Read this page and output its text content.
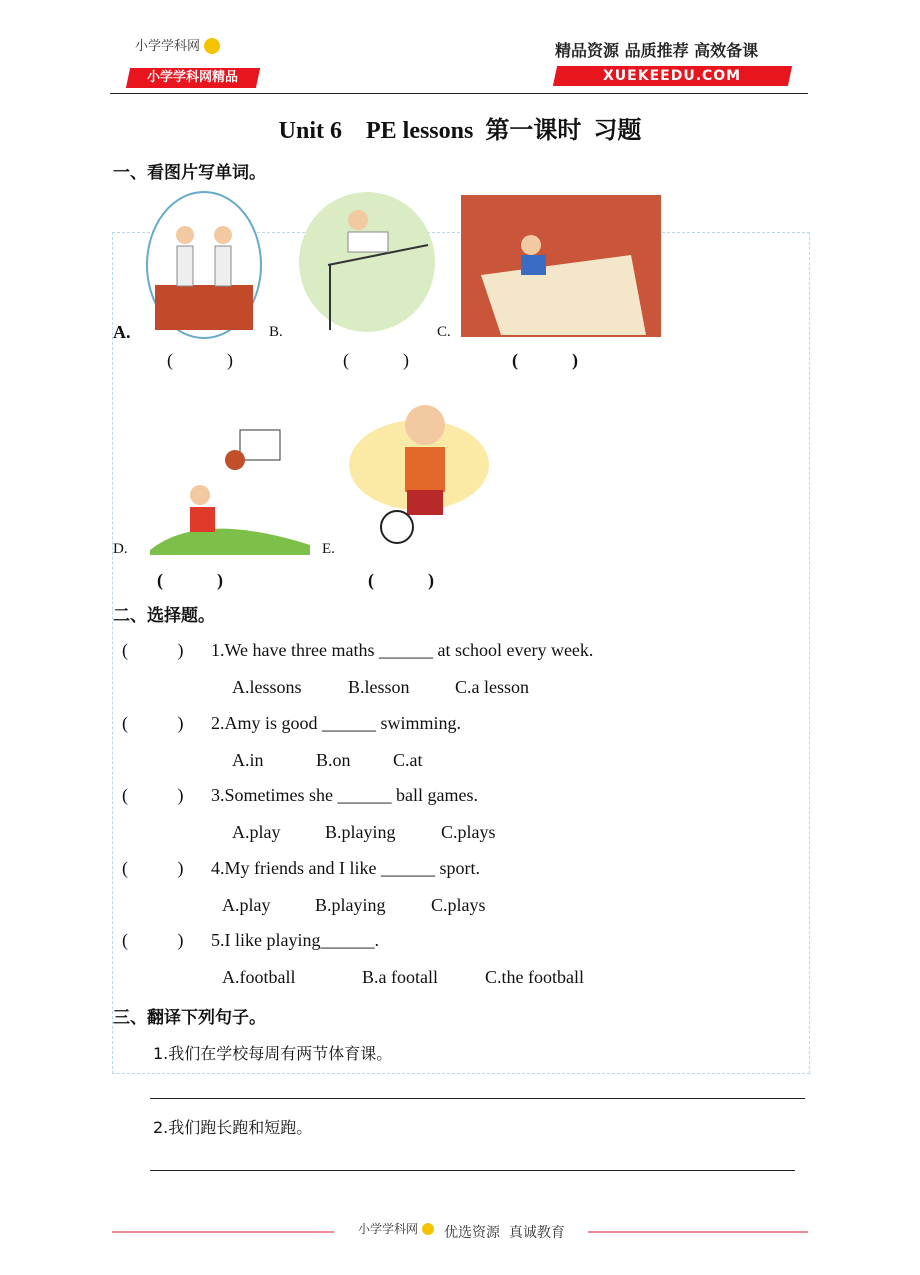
小学学科网
小学学科网精品
精品资源 品质推荐 高效备课
XUEKEEDU.COM
Unit 6    PE lessons  第一课时  习题
一、看图片写单词。
A.	B.	C.
(            )	(            )	(            )
D.	E.
(            )	(            )
二、选择题。
(           ) 1.We have three maths ______ at school every week.
A.lessons	B.lesson	C.a lesson
(           ) 2.Amy is good ______ swimming.
A.in	B.on C.at
(           ) 3.Sometimes she ______ ball games.
A.play B.playing	C.plays
(           ) 4.My friends and I like ______ sport.
A.play B.playing	C.plays
(           ) 5.I like playing______.
A.football	B.a footall	C.the football
三、翻译下列句子。
1.我们在学校每周有两节体育课。
2.我们跑长跑和短跑。
小学学科网	优选资源  真诚教育
